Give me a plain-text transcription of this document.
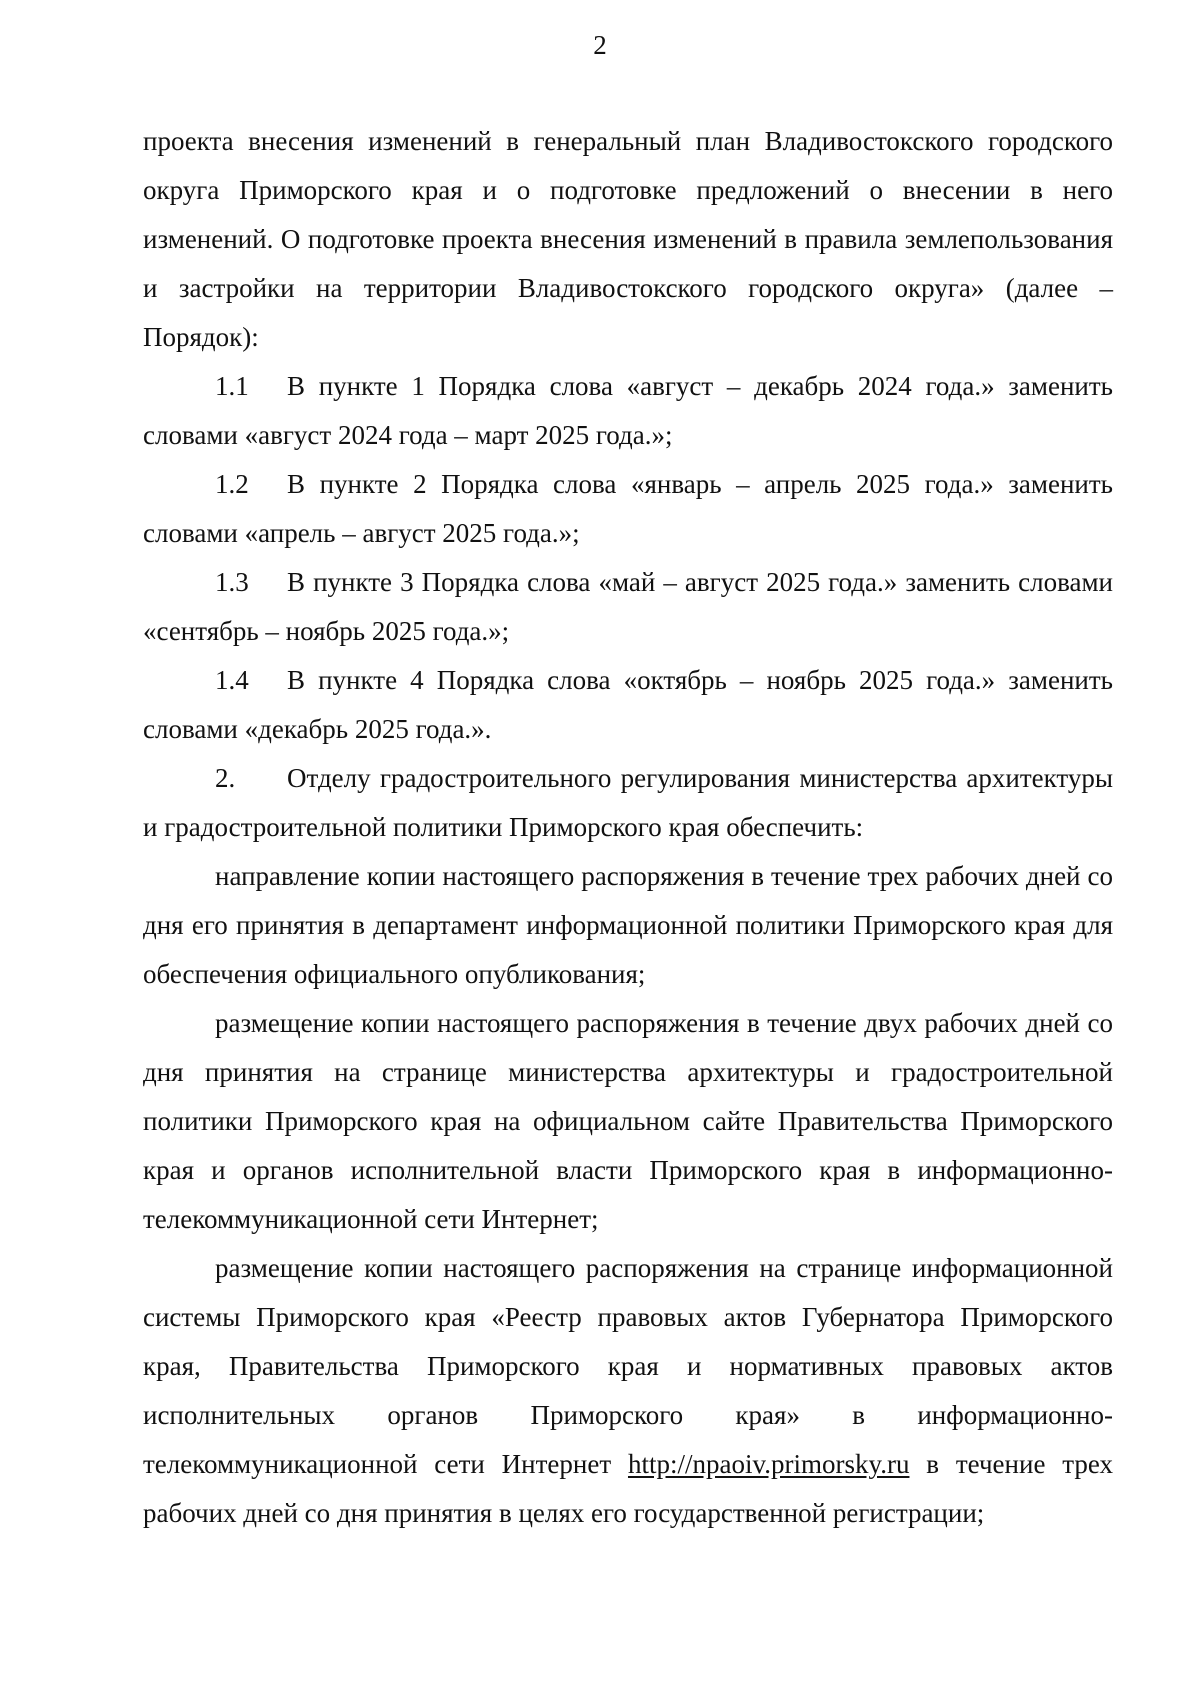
2

проекта внесения изменений в генеральный план Владивостокского городского

округа Приморского края и о подготовке предложений о внесении в него изменений. О подготовке проекта внесения изменений в правила землепользования и застройки на территории Владивостокского городского округа» (далее – Порядок):

1.1 В пункте 1 Порядка слова «август – декабрь 2024 года.» заменить словами «август 2024 года – март 2025 года.»;

1.2 В пункте 2 Порядка слова «январь – апрель 2025 года.» заменить словами «апрель – август 2025 года.»;

1.3 В пункте 3 Порядка слова «май – август 2025 года.» заменить словами «сентябрь – ноябрь 2025 года.»;

1.4 В пункте 4 Порядка слова «октябрь – ноябрь 2025 года.» заменить словами «декабрь 2025 года.».

2. Отделу градостроительного регулирования министерства архитектуры и градостроительной политики Приморского края обеспечить:

направление копии настоящего распоряжения в течение трех рабочих дней со дня его принятия в департамент информационной политики Приморского края для обеспечения официального опубликования;

размещение копии настоящего распоряжения в течение двух рабочих дней со дня принятия на странице министерства архитектуры и градостроительной политики Приморского края на официальном сайте Правительства Приморского края и органов исполнительной власти Приморского края в информационно-телекоммуникационной сети Интернет;

размещение копии настоящего распоряжения на странице информационной системы Приморского края «Реестр правовых актов Губернатора Приморского края, Правительства Приморского края и нормативных правовых актов исполнительных органов Приморского края» в информационно-телекоммуникационной сети Интернет http://npaoiv.primorsky.ru в течение трех рабочих дней со дня принятия в целях его государственной регистрации;
